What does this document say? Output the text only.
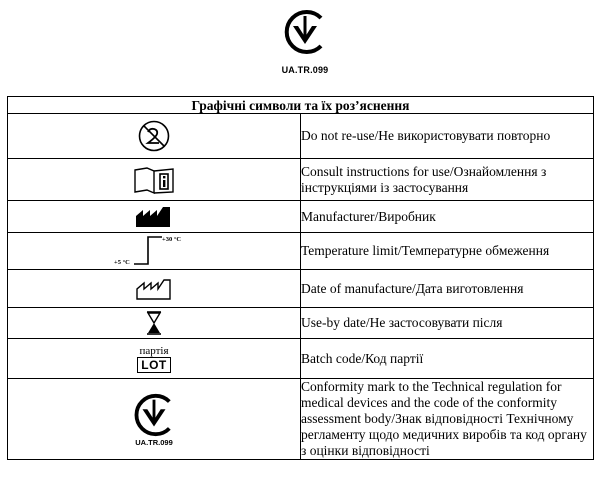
UA.TR.099
Графічні символи та їх роз’яснення	

	Do not re-use/Не використовувати повторно

	Consult instructions for use/Ознайомлення з інструкціями із застосування

	Manufacturer/Виробник

+30 °C
+5 °C	Temperature limit/Температурне обмеження

	Date of manufacture/Дата виготовлення

	Use-by date/Не застосовувати після

партія
LOT	Batch code/Код партії

UA.TR.099	Conformity mark to the Technical regulation for medical devices and the code of the conformity assessment body/Знак відповідності Технічному регламенту щодо медичних виробів та код органу з оцінки відповідності
